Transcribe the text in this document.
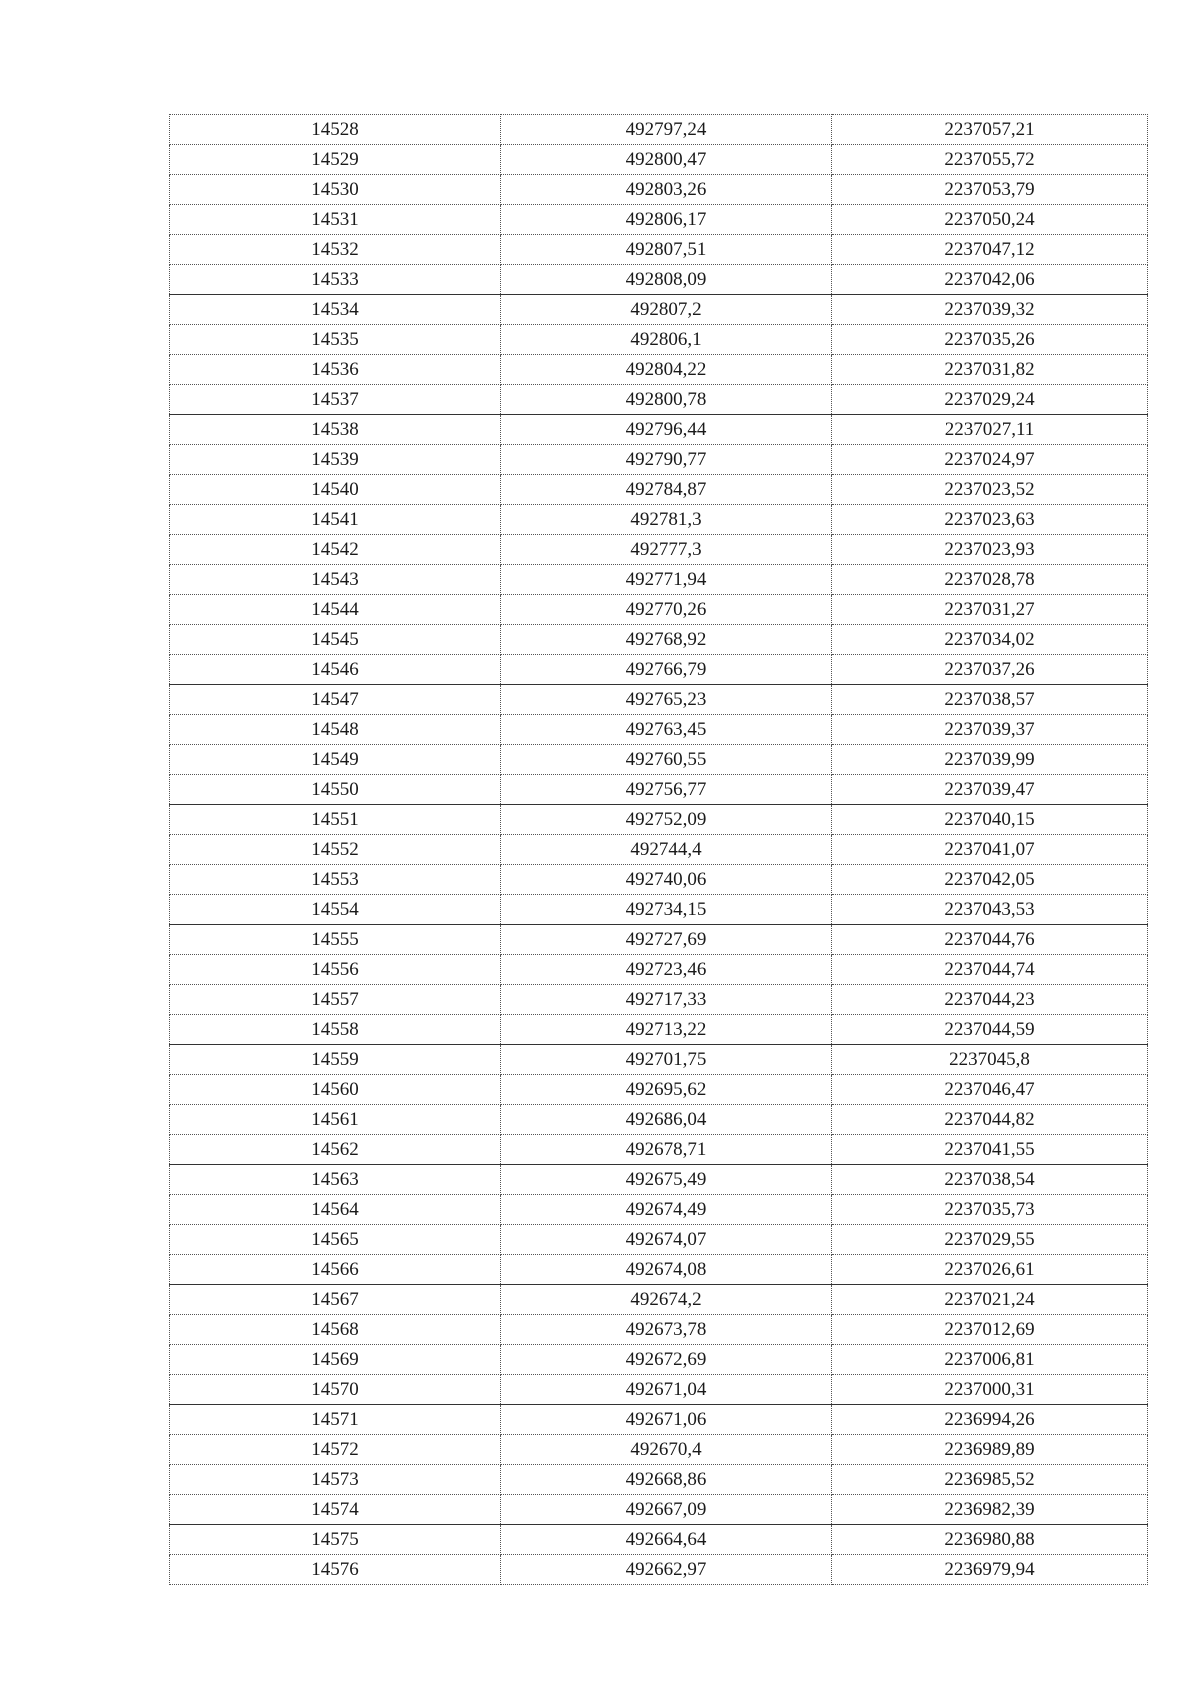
14528	492797,24	2237057,21
14529	492800,47	2237055,72
14530	492803,26	2237053,79
14531	492806,17	2237050,24
14532	492807,51	2237047,12
14533	492808,09	2237042,06
14534	492807,2	2237039,32
14535	492806,1	2237035,26
14536	492804,22	2237031,82
14537	492800,78	2237029,24
14538	492796,44	2237027,11
14539	492790,77	2237024,97
14540	492784,87	2237023,52
14541	492781,3	2237023,63
14542	492777,3	2237023,93
14543	492771,94	2237028,78
14544	492770,26	2237031,27
14545	492768,92	2237034,02
14546	492766,79	2237037,26
14547	492765,23	2237038,57
14548	492763,45	2237039,37
14549	492760,55	2237039,99
14550	492756,77	2237039,47
14551	492752,09	2237040,15
14552	492744,4	2237041,07
14553	492740,06	2237042,05
14554	492734,15	2237043,53
14555	492727,69	2237044,76
14556	492723,46	2237044,74
14557	492717,33	2237044,23
14558	492713,22	2237044,59
14559	492701,75	2237045,8
14560	492695,62	2237046,47
14561	492686,04	2237044,82
14562	492678,71	2237041,55
14563	492675,49	2237038,54
14564	492674,49	2237035,73
14565	492674,07	2237029,55
14566	492674,08	2237026,61
14567	492674,2	2237021,24
14568	492673,78	2237012,69
14569	492672,69	2237006,81
14570	492671,04	2237000,31
14571	492671,06	2236994,26
14572	492670,4	2236989,89
14573	492668,86	2236985,52
14574	492667,09	2236982,39
14575	492664,64	2236980,88
14576	492662,97	2236979,94
